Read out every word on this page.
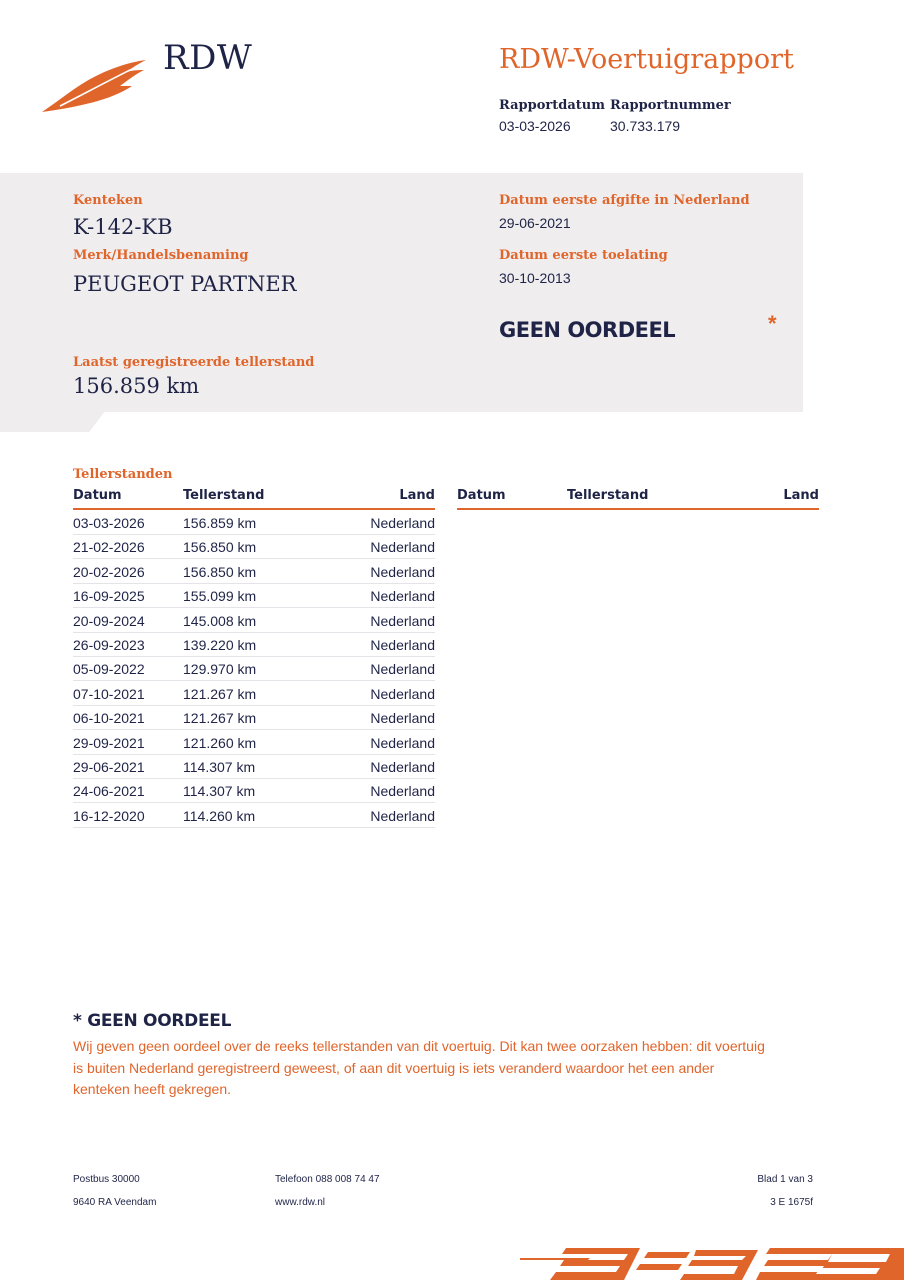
RDW	RDW-Voertuigrapport
Rapportdatum
03-03-2026
Rapportnummer
30.733.179
Kenteken
K-142-KB
Merk/Handelsbenaming
PEUGEOT PARTNER
Laatst geregistreerde tellerstand
156.859 km
Datum eerste afgifte in Nederland
29-06-2021
Datum eerste toelating
30-10-2013
GEEN OORDEEL	*
Tellerstanden
Datum	Tellerstand	Land Datum	Tellerstand	Land
03-03-2026	156.859 km	Nederland
21-02-2026	156.850 km	Nederland
20-02-2026	156.850 km	Nederland
16-09-2025	155.099 km	Nederland
20-09-2024	145.008 km	Nederland
26-09-2023	139.220 km	Nederland
05-09-2022	129.970 km	Nederland
07-10-2021	121.267 km	Nederland
06-10-2021	121.267 km	Nederland
29-09-2021	121.260 km	Nederland
29-06-2021	114.307 km	Nederland
24-06-2021	114.307 km	Nederland
16-12-2020	114.260 km	Nederland
* GEEN OORDEEL
Wij geven geen oordeel over de reeks tellerstanden van dit voertuig. Dit kan twee oorzaken hebben: dit voertuig is buiten Nederland geregistreerd geweest, of aan dit voertuig is iets veranderd waardoor het een ander kenteken heeft gekregen.
Postbus 30000
9640 RA Veendam
Telefoon 088 008 74 47
www.rdw.nl
Blad 1 van 3
3 E 1675f
